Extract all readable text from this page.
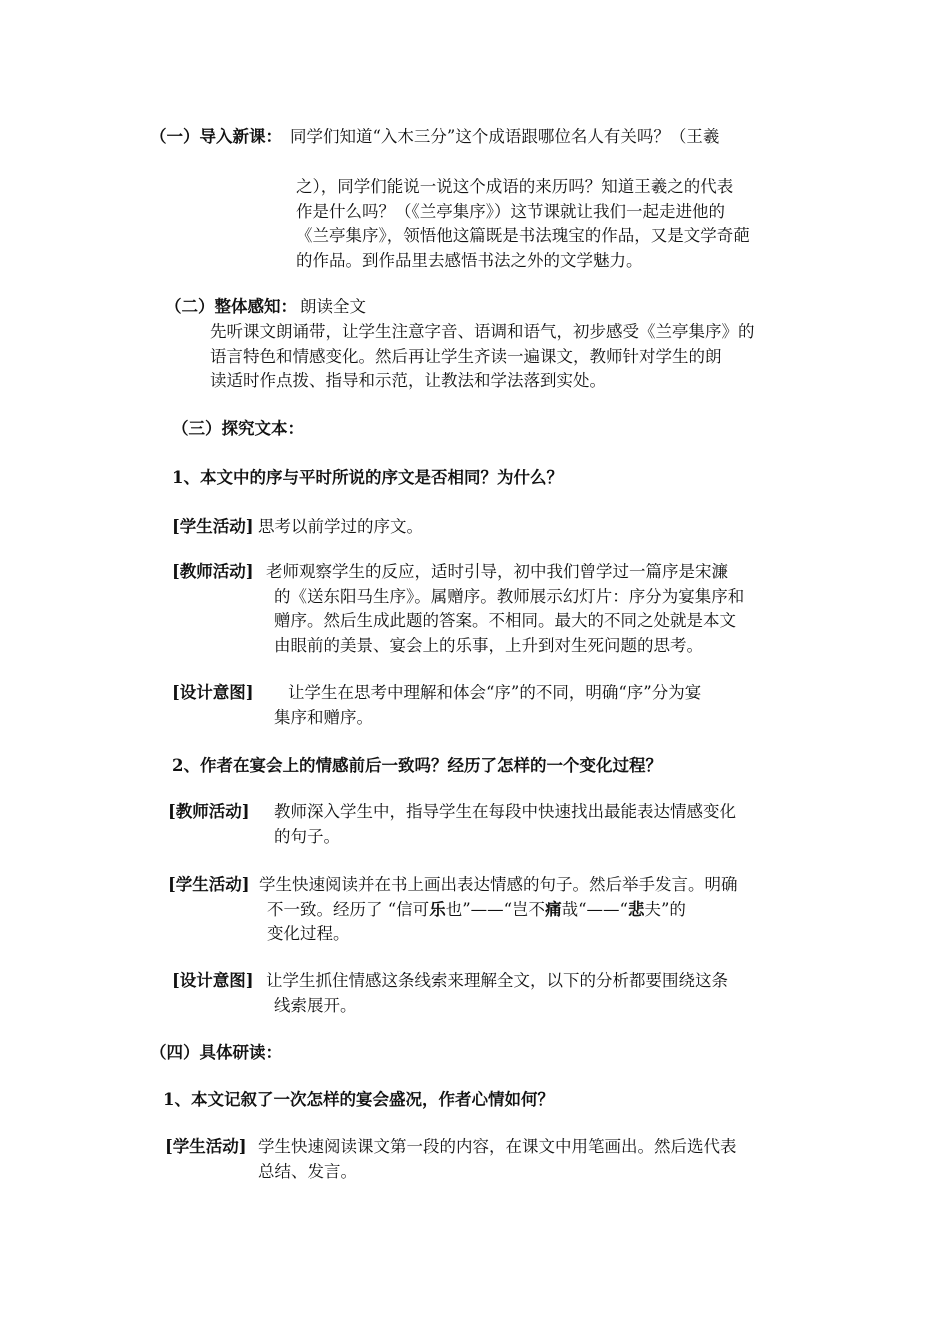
（一）导入新课： 同学们知道“入木三分”这个成语跟哪位名人有关吗？（王羲
之），同学们能说一说这个成语的来历吗？知道王羲之的代表
作是什么吗？（《兰亭集序》）这节课就让我们一起走进他的
《兰亭集序》，领悟他这篇既是书法瑰宝的作品，又是文学奇葩
的作品。到作品里去感悟书法之外的文学魅力。
（二）整体感知： 朗读全文
先听课文朗诵带，让学生注意字音、语调和语气，初步感受《兰亭集序》的
语言特色和情感变化。然后再让学生齐读一遍课文，教师针对学生的朗
读适时作点拨、指导和示范，让教法和学法落到实处。
（三）探究文本：
1、本文中的序与平时所说的序文是否相同？为什么？
[学生活动] 思考以前学过的序文。
[教师活动] 老师观察学生的反应，适时引导，初中我们曾学过一篇序是宋濂
的《送东阳马生序》。属赠序。教师展示幻灯片：序分为宴集序和
赠序。然后生成此题的答案。不相同。最大的不同之处就是本文
由眼前的美景、宴会上的乐事，上升到对生死问题的思考。
[设计意图] 让学生在思考中理解和体会“序”的不同，明确“序”分为宴
集序和赠序。
2、作者在宴会上的情感前后一致吗？经历了怎样的一个变化过程？
[教师活动] 教师深入学生中，指导学生在每段中快速找出最能表达情感变化
的句子。
[学生活动] 学生快速阅读并在书上画出表达情感的句子。然后举手发言。明确
不一致。经历了 “信可乐也”——“岂不痛哉“——“悲夫”的
变化过程。
[设计意图] 让学生抓住情感这条线索来理解全文，以下的分析都要围绕这条
线索展开。
（四）具体研读：
1、本文记叙了一次怎样的宴会盛况，作者心情如何？
[学生活动] 学生快速阅读课文第一段的内容，在课文中用笔画出。然后选代表
总结、发言。
